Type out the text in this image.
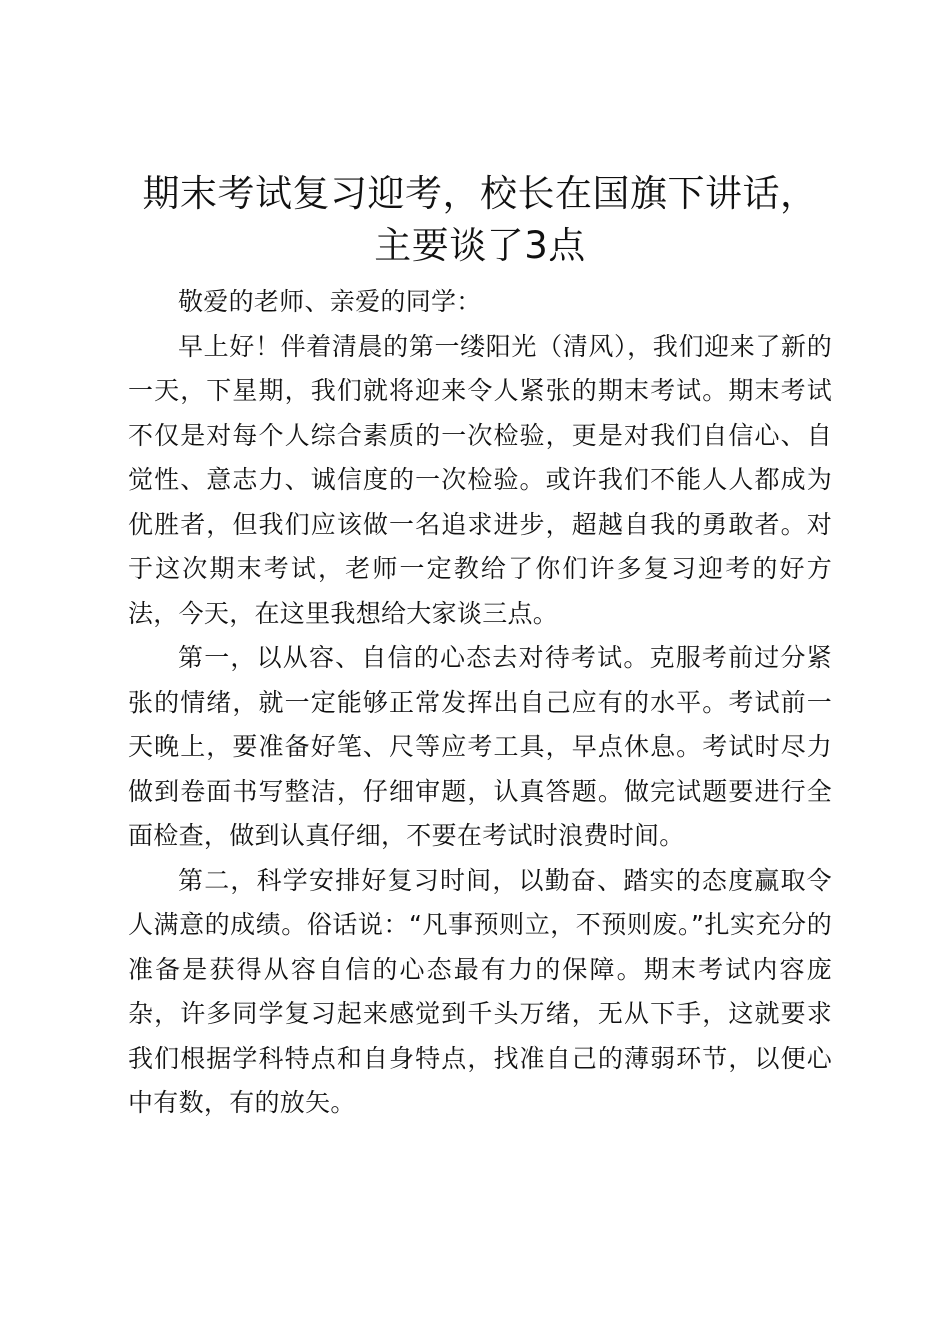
期末考试复习迎考，校长在国旗下讲话，主要谈了3点

敬爱的老师、亲爱的同学：

早上好！伴着清晨的第一缕阳光（清风），我们迎来了新的一天，下星期，我们就将迎来令人紧张的期末考试。期末考试不仅是对每个人综合素质的一次检验，更是对我们自信心、自觉性、意志力、诚信度的一次检验。或许我们不能人人都成为优胜者，但我们应该做一名追求进步，超越自我的勇敢者。对于这次期末考试，老师一定教给了你们许多复习迎考的好方法，今天，在这里我想给大家谈三点。

第一，以从容、自信的心态去对待考试。克服考前过分紧张的情绪，就一定能够正常发挥出自己应有的水平。考试前一天晚上，要准备好笔、尺等应考工具，早点休息。考试时尽力做到卷面书写整洁，仔细审题，认真答题。做完试题要进行全面检查，做到认真仔细，不要在考试时浪费时间。

第二，科学安排好复习时间，以勤奋、踏实的态度赢取令人满意的成绩。俗话说：“凡事预则立，不预则废。”扎实充分的准备是获得从容自信的心态最有力的保障。期末考试内容庞杂，许多同学复习起来感觉到千头万绪，无从下手，这就要求我们根据学科特点和自身特点，找准自己的薄弱环节，以便心中有数，有的放矢。
